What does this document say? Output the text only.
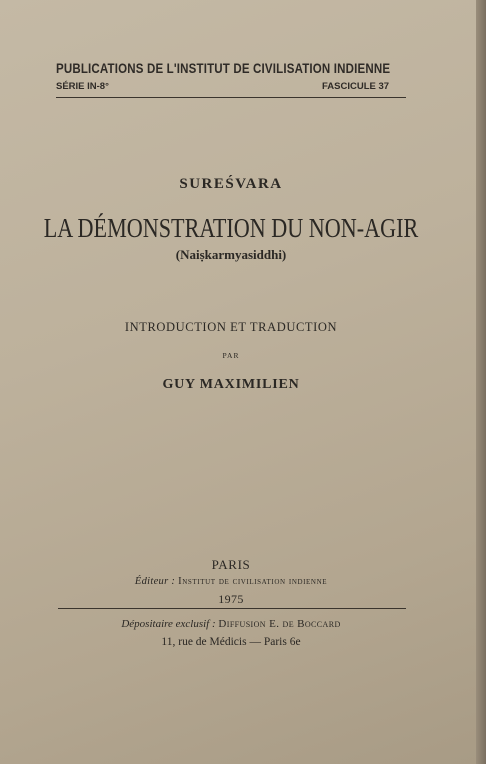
PUBLICATIONS DE L'INSTITUT DE CIVILISATION INDIENNE
SÉRIE IN-8°	FASCICULE 37
SUREŚVARA
LA DÉMONSTRATION DU NON-AGIR
(Naiṣkarmyasiddhi)
INTRODUCTION ET TRADUCTION
PAR
GUY MAXIMILIEN
PARIS
Éditeur : Institut de civilisation indienne
1975
Dépositaire exclusif : Diffusion E. de Boccard
11, rue de Médicis — Paris 6e
